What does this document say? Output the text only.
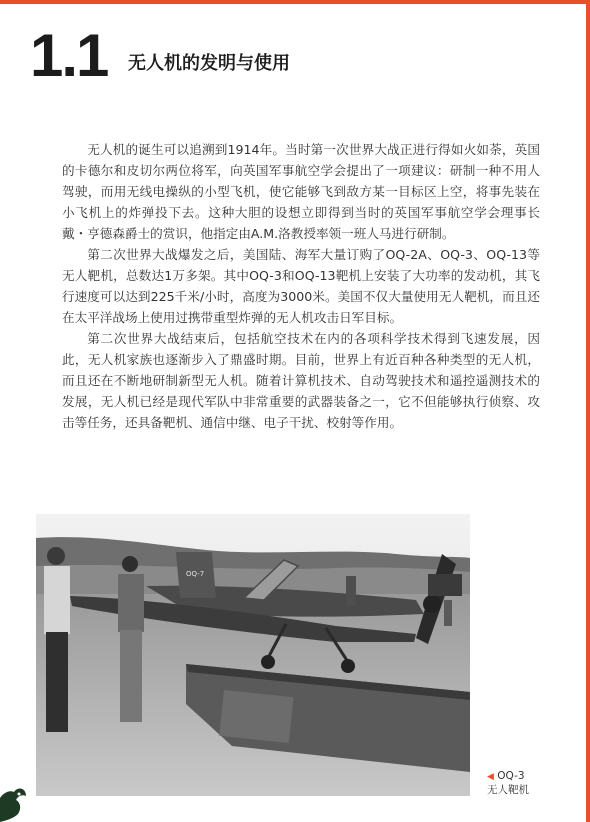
1.1 无人机的发明与使用

无人机的诞生可以追溯到1914年。当时第一次世界大战正进行得如火如荼，英国的卡德尔和皮切尔两位将军，向英国军事航空学会提出了一项建议：研制一种不用人驾驶，而用无线电操纵的小型飞机，使它能够飞到敌方某一目标区上空，将事先装在小飞机上的炸弹投下去。这种大胆的设想立即得到当时的英国军事航空学会理事长戴・亨德森爵士的赏识，他指定由A.M.洛教授率领一班人马进行研制。

第二次世界大战爆发之后，美国陆、海军大量订购了OQ-2A、OQ-3、OQ-13等无人靶机，总数达1万多架。其中OQ-3和OQ-13靶机上安装了大功率的发动机，其飞行速度可以达到225千米/小时，高度为3000米。美国不仅大量使用无人靶机，而且还在太平洋战场上使用过携带重型炸弹的无人机攻击日军目标。

第二次世界大战结束后，包括航空技术在内的各项科学技术得到飞速发展，因此，无人机家族也逐渐步入了鼎盛时期。目前，世界上有近百种各种类型的无人机，而且还在不断地研制新型无人机。随着计算机技术、自动驾驶技术和遥控遥测技术的发展，无人机已经是现代军队中非常重要的武器装备之一，它不但能够执行侦察、攻击等任务，还具备靶机、通信中继、电子干扰、校射等作用。

OQ-7
◀ OQ-3
无人靶机
